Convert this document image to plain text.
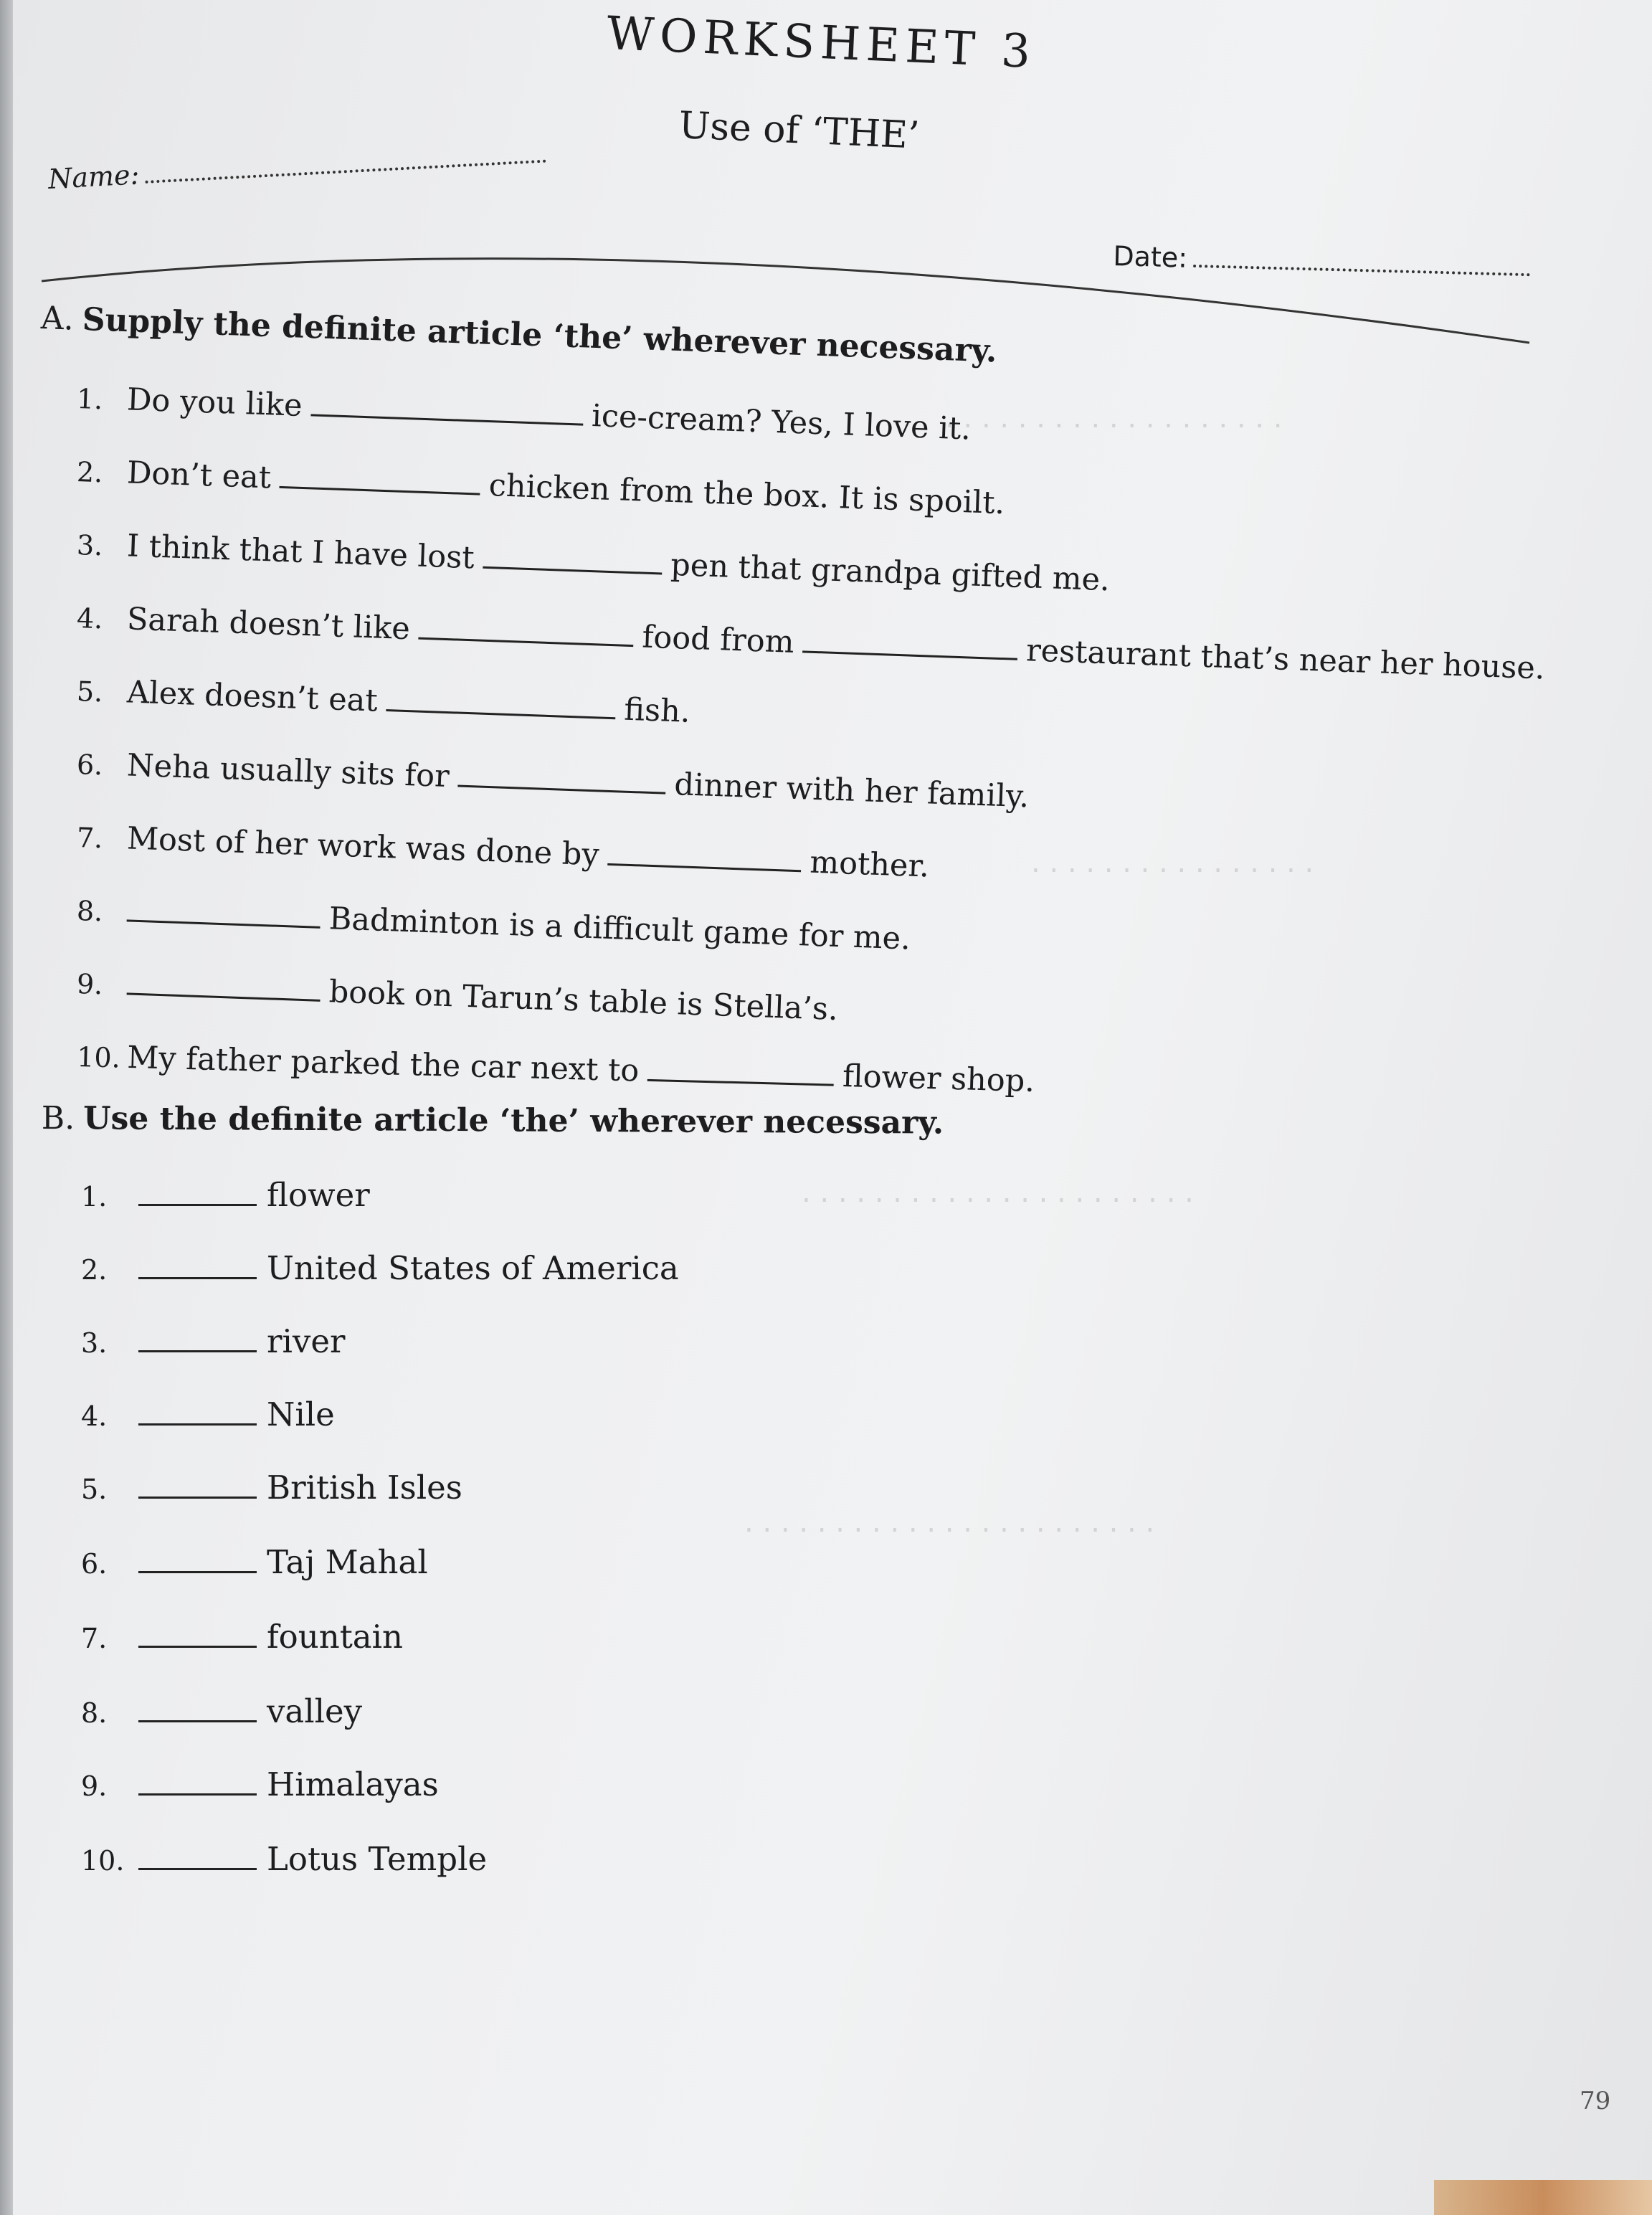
. . . . . . . . . . . . . . . . . . .
. . . . . . . . . . . . . . . .
. . . . . . . . . . . . . . . . . . . . . .
. . . . . . . . . . . . . . . . . . . . . . .
WORKSHEET 3
Use of ‘THE’
Name:
Date:
A. Supply the definite article ‘the’ wherever necessary.
1. Do you like	ice-cream? Yes, I love it.
2. Don’t eat	chicken from the box. It is spoilt.
3. I think that I have lost	pen that grandpa gifted me.
4. Sarah doesn’t like	food from	restaurant that’s near her house.
5. Alex doesn’t eat	fish.
6. Neha usually sits for	dinner with her family.
7. Most of her work was done by	mother.
8.	Badminton is a difficult game for me.
9.	book on Tarun’s table is Stella’s.
10. My father parked the car next to	flower shop.
B. Use the definite article ‘the’ wherever necessary.
1.	flower
2.	United States of America
3.	river
4.	Nile
5.	British Isles
6.	Taj Mahal
7.	fountain
8.	valley
9.	Himalayas
10.	Lotus Temple
79
